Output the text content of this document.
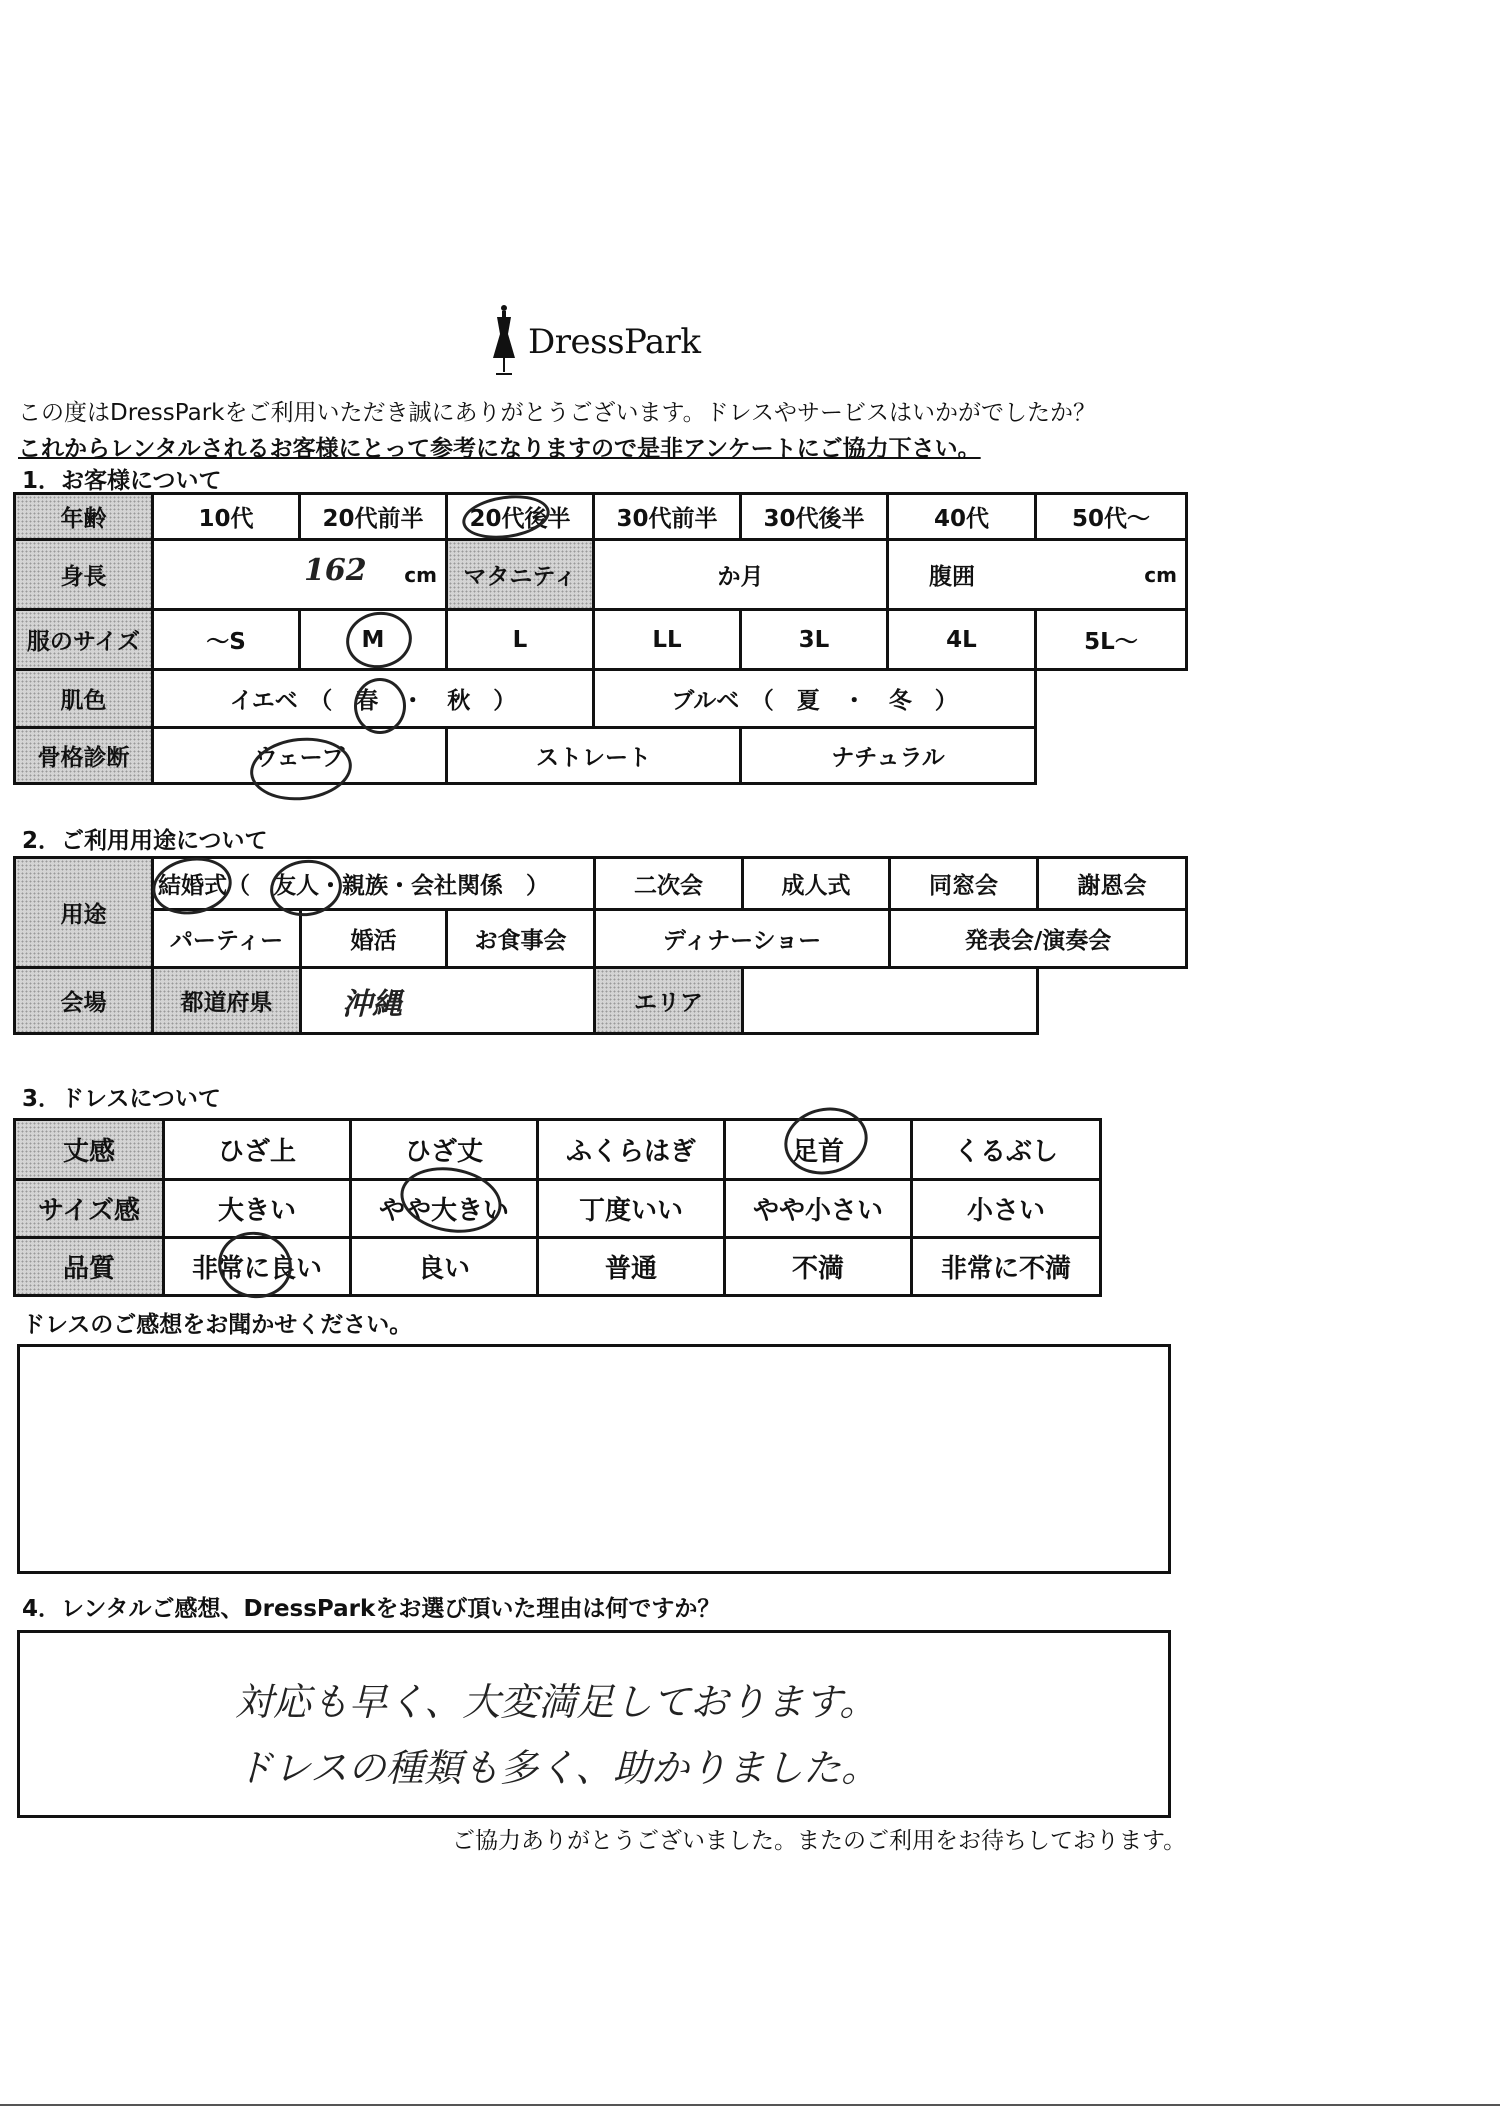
DressPark
この度はDressParkをご利用いただき誠にありがとうございます。ドレスやサービスはいかがでしたか？
これからレンタルされるお客様にとって参考になりますので是非アンケートにご協力下さい。
1．お客様について
年齢	10代	20代前半	20代後半	30代前半	30代後半	40代	50代～
身長	162 cm		マタニティ	か月		腹囲 cm	

服のサイズ	～S	M	L	LL	3L	4L	5L～
肌色	イエベ　（　春　・　秋　）			ブルベ　（　夏　・　冬　）			
骨格診断	ウェーブ		ストレート		ナチュラル		
2．ご利用用途について
用途	結婚式（　友人・親族・会社関係　）			二次会	成人式	同窓会	謝恩会
	パーティー	婚活	お食事会	ディナーショー		発表会/演奏会	
会場	都道府県	沖縄		エリア			
3．ドレスについて
丈感	ひざ上	ひざ丈	ふくらはぎ	足首	くるぶし
サイズ感	大きい	やや大きい	丁度いい	やや小さい	小さい
品質	非常に良い	良い	普通	不満	非常に不満
ドレスのご感想をお聞かせください。
4．レンタルご感想、DressParkをお選び頂いた理由は何ですか？
対応も早く、大変満足しております。
ドレスの種類も多く、助かりました。
ご協力ありがとうございました。またのご利用をお待ちしております。
